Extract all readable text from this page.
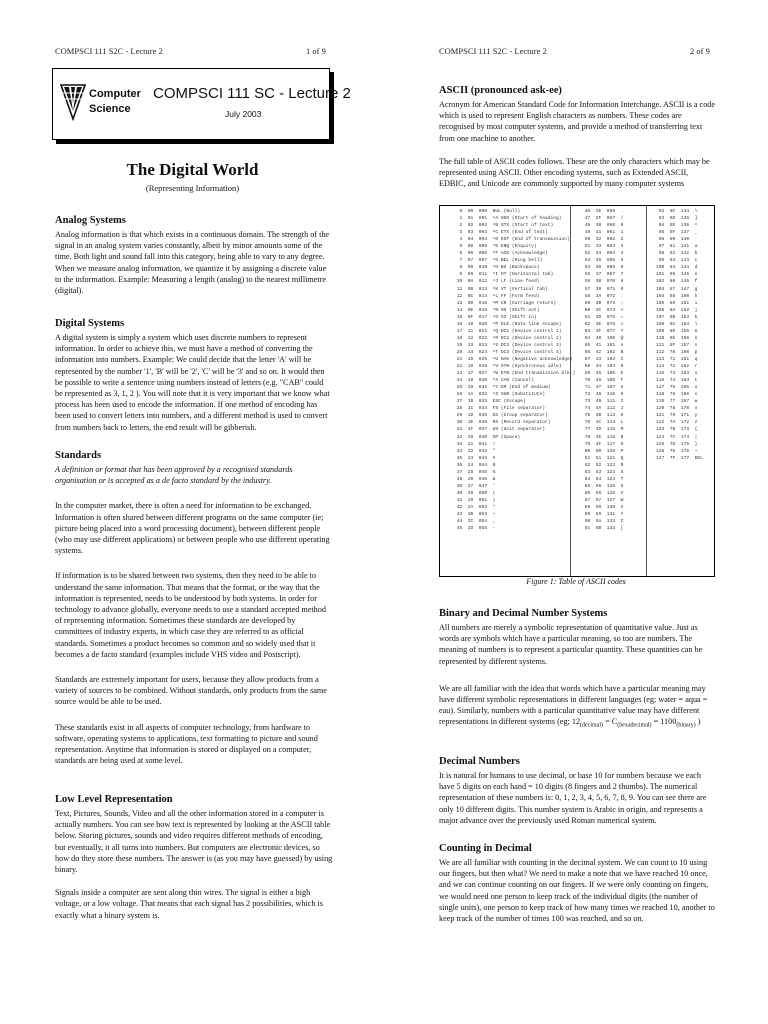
COMPSCI 111 S2C - Lecture 2	1 of 9
Computer
Science
COMPSCI 111 SC - Lecture 2
July 2003
The Digital World
(Representing Information)
Analog Systems

Analog information is that which exists in a continuous domain. The strength of the signal in an analog system varies constantly, albeit by minor amounts some of the time. Both light and sound fall into this category, being able to vary to any degree. When we measure analog information, we quantize it by assigning a discrete value to the information. Example: Measuring a length (analog) to the nearest millimetre (digital).

Digital Systems

A digital system is simply a system which uses discrete numbers to represent information. In order to achieve this, we must have a method of converting the information into numbers. Example: We could decide that the letter 'A' will be represented by the number '1', 'B' will be '2', 'C' will be '3' and so on. It would then be possible to write a sentence using numbers instead of letters (e.g. "CAB" could be represented as 3, 1, 2 ). You will note that it is very important that we know what process has been used to encode the information. If one method of encoding has been used to convert letters into numbers, and a different method is used to convert from numbers back to letters, the end result will be gibberish.

Standards

A definition or format that has been approved by a recognised standards organisation or is accepted as a de facto standard by the industry.

In the computer market, there is often a need for information to be exchanged. Information is often shared between different programs on the same computer (ie; picture being placed into a word processing document), between different people (who may use different applications) or between people who use different operating systems.

If information is to be shared between two systems, then they need to be able to understand the same information. That means that the format, or the way that the information is represented, needs to be understood by both systems. In order for technology to advance globally, everyone needs to use a standard accepted method of representing information. Sometimes these standards are developed by committees of industry experts, in which case they are referred to as official standards. Sometimes a product becomes so common and so widely used that it becomes a de facto standard (examples include VHS video and Postscript).

Standards are extremely important for users, because they allow products from a variety of sources to be combined. Without standards, only products from the same source would be able to be used.

These standards exist in all aspects of computer technology, from hardware to software, operating systems to applications, text formatting to picture and sound representation. Anytime that information is stored or displayed on a computer, standards are being used at some level.

Low Level Representation

Text, Pictures, Sounds, Video and all the other information stored in a computer is actually numbers. You can see how text is represented by looking at the ASCII table below. Storing pictures, sounds and video requires different methods of encoding, but eventually, it all turns into numbers. But computers are electronic devices, so how do they store these numbers. The answer is (as you may have guessed) by using binary.

Signals inside a computer are sent along thin wires. The signal is either a high voltage, or a low voltage. That means that each signal has 2 possibilities, which is exactly what a binary system is.

COMPSCI 111 S2C - Lecture 2	2 of 9
ASCII (pronounced ask-ee)

Acronym for American Standard Code for Information Interchange. ASCII is a code which is used to represent English characters as numbers. These codes are recognised by most computer systems, and provide a method of transferring text from one machine to another.

The full table of ASCII codes follows. These are the only characters which may be represented using ASCII. Other encoding systems, such as Extended ASCII, EDBIC, and Unicode are commonly supported by many computer systems

0  00  000  NUL (Null)
1  01  001  ^A SOH (Start of heading)
2  02  002  ^B STX (Start of text)
3  03  003  ^C ETX (End of text)
4  04  004  ^D EOT (End of transmission)
5  05  005  ^E ENQ (Enquiry)
6  06  006  ^F ACK (Acknowledge)
7  07  007  ^G BEL (Ring bell)
8  08  010  ^H BS (Backspace)
9  09  011  ^I HT (Horizontal tab)
10  0A  012  ^J LF (Line feed)
11  0B  013  ^K VT (Vertical tab)
12  0C  014  ^L FF (Form feed)
13  0D  015  ^M CR (Carriage return)
14  0E  016  ^N SO (Shift out)
15  0F  017  ^O SI (Shift in)
16  10  020  ^P DLE (Data link escape)
17  11  021  ^Q DC1 (Device control 1)
18  12  022  ^R DC2 (Device control 2)
19  13  023  ^S DC3 (Device control 3)
20  14  024  ^T DC4 (Device control 4)
21  15  025  ^U NAK (Negative acknowledge)
22  16  026  ^V SYN (Synchronous idle)
23  17  027  ^W ETB (End transmission blk.)
24  18  030  ^X CAN (Cancel)
25  19  031  ^Y EM (End of medium)
26  1A  032  ^Z SUB (Substitute)
27  1B  033  ESC (Escape)
28  1C  034  FS (File separator)
29  1D  035  GS (Group separator)
30  1E  036  RS (Record separator)
31  1F  037  US (Unit separator)
32  20  040  SP (Space)
33  21  041  !
34  22  042  "
35  23  043  #
36  24  044  $
37  25  045  %
38  26  046  &
39  27  047  '
40  28  050  (
41  29  051  )
42  2A  052  *
43  2B  053  +
44  2C  054  ,
45  2D  055  -
46  2E  056  .
47  2F  057  /
48  30  060  0
49  31  061  1
50  32  062  2
51  33  063  3
52  34  064  4
53  35  065  5
54  36  066  6
55  37  067  7
56  38  070  8
57  39  071  9
58  3A  072  :
59  3B  073  ;
60  3C  074  <
61  3D  075  =
62  3E  076  >
63  3F  077  ?
64  40  100  @
65  41  101  A
66  42  102  B
67  43  103  C
68  44  104  D
69  45  105  E
70  46  106  F
71  47  107  G
72  48  110  H
73  49  111  I
74  4A  112  J
75  4B  113  K
76  4C  114  L
77  4D  115  M
78  4E  116  N
79  4F  117  O
80  50  120  P
81  51  121  Q
82  52  122  R
83  53  123  S
84  54  124  T
85  55  125  U
86  56  126  V
87  57  127  W
88  58  130  X
89  59  131  Y
90  5A  132  Z
91  5B  133  [
92  5C  134  \
93  5D  135  ]
94  5E  136  ^
95  5F  137  _
96  60  140  `
97  61  141  a
98  62  142  b
99  63  143  c
100  64  144  d
101  65  145  e
102  66  146  f
103  67  147  g
104  68  150  h
105  69  151  i
106  6A  152  j
107  6B  153  k
108  6C  154  l
109  6D  155  m
110  6E  156  n
111  6F  157  o
112  70  160  p
113  71  161  q
114  72  162  r
115  73  163  s
116  74  164  t
117  75  165  u
118  76  166  v
119  77  167  w
120  78  170  x
121  79  171  y
122  7A  172  z
123  7B  173  {
124  7C  174  |
125  7D  175  }
126  7E  176  ~
127  7F  177  DEL
Figure 1: Table of ASCII codes
Binary and Decimal Number Systems

All numbers are merely a symbolic representation of quantitative value. Just as words are symbols which have a particular meaning, so too are numbers. The meaning of numbers is to represent a particular quantity. These quantities can be represented by different systems.

We are all familiar with the idea that words which have a particular meaning may have different symbolic representations in different languages (eg; water = aqua = eau). Similarly, numbers with a particular quantitative value may have different representations in different systems (eg; $12_{(decimal)} = C_{(hexadecimal)} = 1100_{(binary)}$ )

Decimal Numbers

It is natural for humans to use decimal, or base 10 for numbers because we each have 5 digits on each hand = 10 digits (8 fingers and 2 thumbs). The numerical representation of these numbers is: 0, 1, 2, 3, 4, 5, 6, 7, 8, 9. You can see there are only 10 different digits. This number system is Arabic in origin, and represents a major advance over the previously used Roman numerical system.

Counting in Decimal

We are all familiar with counting in the decimal system. We can count to 10 using our fingers, but then what? We need to make a note that we have reached 10 once, and we can continue counting on our fingers. If we were only counting on fingers, we would need one person to keep track of the individual digits (the number of single units), one person to keep track of how many times we reached 10, another to keep track of the number of times 100 was reached, and so on.
